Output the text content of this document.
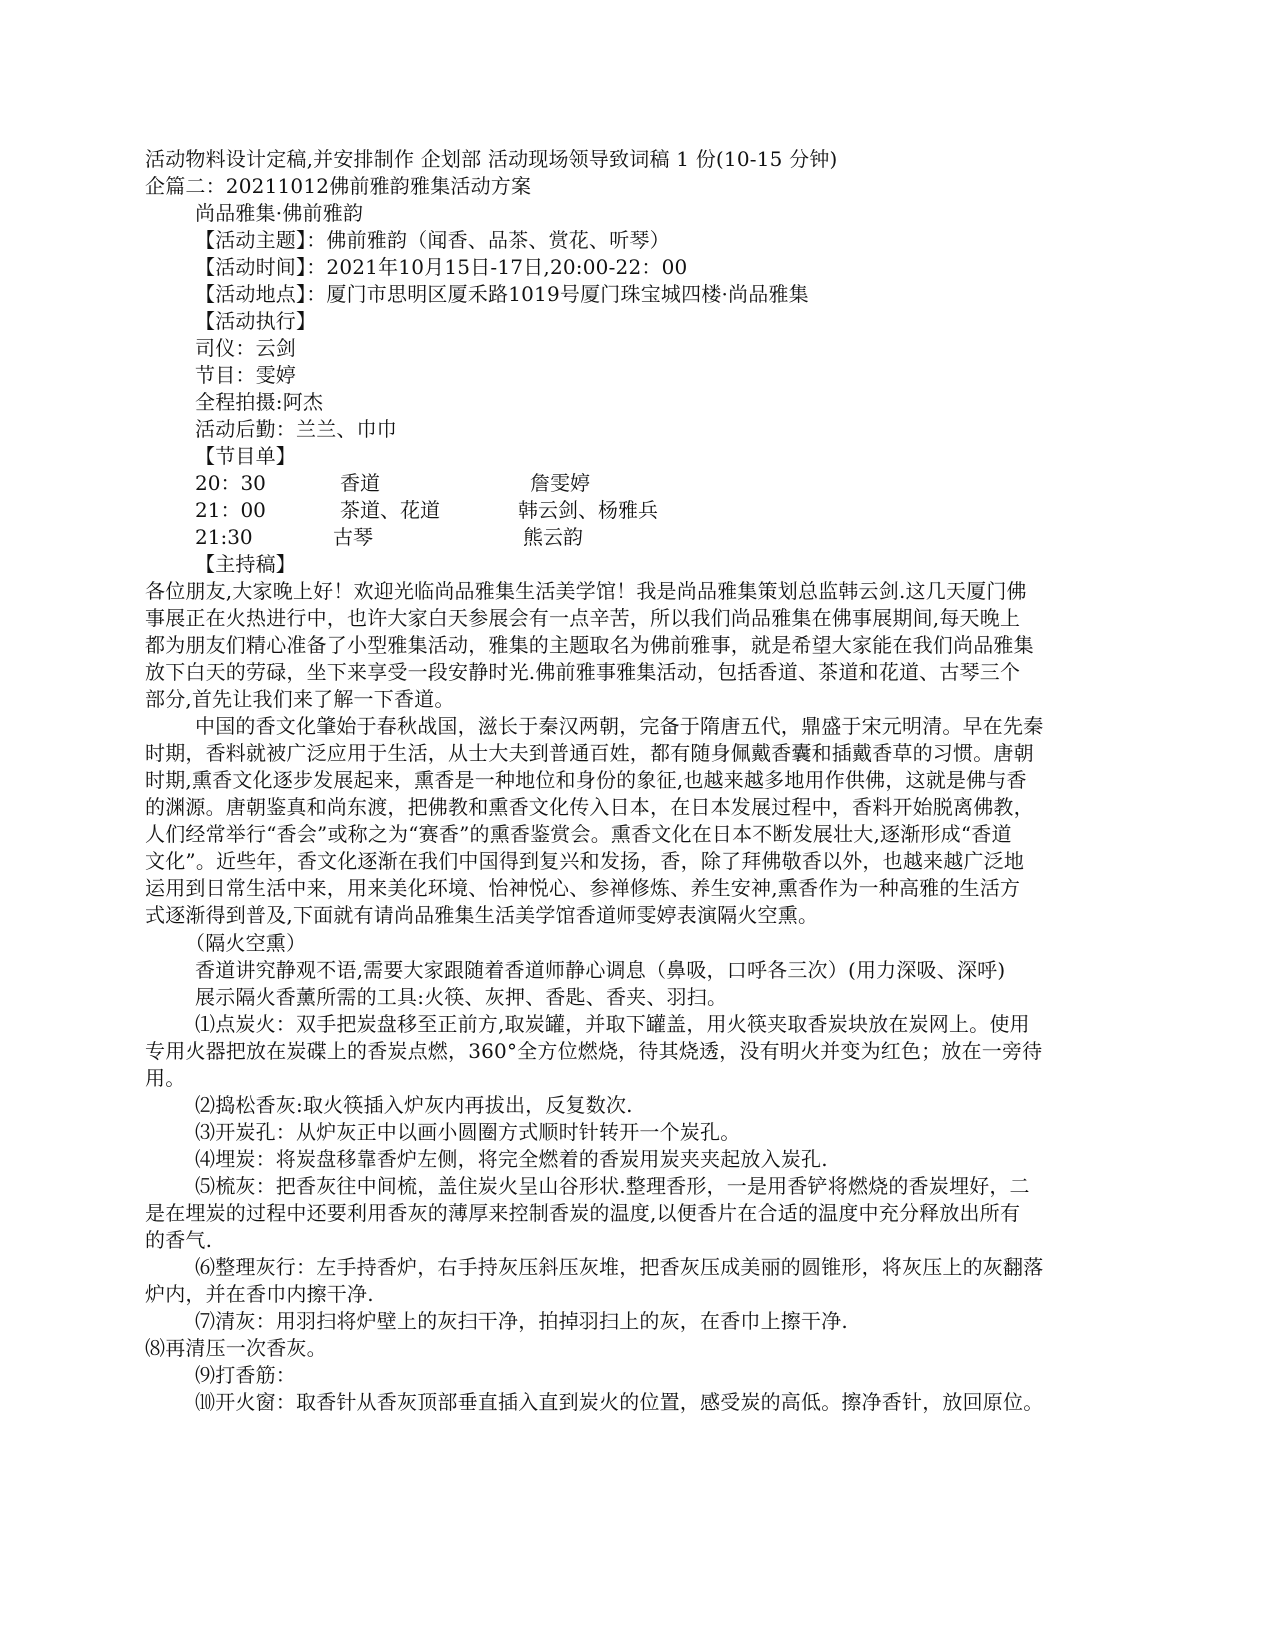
活动物料设计定稿,并安排制作 企划部 活动现场领导致词稿 1 份(10-15 分钟)
企篇二：20211012佛前雅韵雅集活动方案
尚品雅集·佛前雅韵
【活动主题】：佛前雅韵（闻香、品茶、赏花、听琴）
【活动时间】：2021年10月15日-17日,20:00-22：00
【活动地点】：厦门市思明区厦禾路1019号厦门珠宝城四楼·尚品雅集
【活动执行】
司仪：云剑
节目：雯婷
全程拍摄:阿杰
活动后勤：兰兰、巾巾
【节目单】
20：30	香道	詹雯婷
21：00	茶道、花道	韩云剑、杨雅兵
21:30	古琴	熊云韵
【主持稿】
各位朋友,大家晚上好！欢迎光临尚品雅集生活美学馆！我是尚品雅集策划总监韩云剑.这几天厦门佛
事展正在火热进行中，也许大家白天参展会有一点辛苦，所以我们尚品雅集在佛事展期间,每天晚上
都为朋友们精心准备了小型雅集活动，雅集的主题取名为佛前雅事，就是希望大家能在我们尚品雅集
放下白天的劳碌，坐下来享受一段安静时光.佛前雅事雅集活动，包括香道、茶道和花道、古琴三个
部分,首先让我们来了解一下香道。
中国的香文化肇始于春秋战国，滋长于秦汉两朝，完备于隋唐五代，鼎盛于宋元明清。早在先秦
时期，香料就被广泛应用于生活，从士大夫到普通百姓，都有随身佩戴香囊和插戴香草的习惯。唐朝
时期,熏香文化逐步发展起来，熏香是一种地位和身份的象征,也越来越多地用作供佛，这就是佛与香
的渊源。唐朝鉴真和尚东渡，把佛教和熏香文化传入日本，在日本发展过程中，香料开始脱离佛教，
人们经常举行“香会”或称之为“赛香”的熏香鉴赏会。熏香文化在日本不断发展壮大,逐渐形成“香道
文化”。近些年，香文化逐渐在我们中国得到复兴和发扬，香，除了拜佛敬香以外，也越来越广泛地
运用到日常生活中来，用来美化环境、怡神悦心、参禅修炼、养生安神,熏香作为一种高雅的生活方
式逐渐得到普及,下面就有请尚品雅集生活美学馆香道师雯婷表演隔火空熏。
（隔火空熏）
香道讲究静观不语,需要大家跟随着香道师静心调息（鼻吸，口呼各三次）(用力深吸、深呼)
展示隔火香薰所需的工具:火筷、灰押、香匙、香夹、羽扫。
⑴点炭火：双手把炭盘移至正前方,取炭罐，并取下罐盖，用火筷夹取香炭块放在炭网上。使用
专用火器把放在炭碟上的香炭点燃，360°全方位燃烧，待其烧透，没有明火并变为红色；放在一旁待
用。
⑵捣松香灰:取火筷插入炉灰内再拔出，反复数次.
⑶开炭孔：从炉灰正中以画小圆圈方式顺时针转开一个炭孔。
⑷埋炭：将炭盘移靠香炉左侧，将完全燃着的香炭用炭夹夹起放入炭孔.
⑸梳灰：把香灰往中间梳，盖住炭火呈山谷形状.整理香形，一是用香铲将燃烧的香炭埋好，二
是在埋炭的过程中还要利用香灰的薄厚来控制香炭的温度,以便香片在合适的温度中充分释放出所有
的香气.
⑹整理灰行：左手持香炉，右手持灰压斜压灰堆，把香灰压成美丽的圆锥形，将灰压上的灰翻落
炉内，并在香巾内擦干净.
⑺清灰：用羽扫将炉壁上的灰扫干净，拍掉羽扫上的灰，在香巾上擦干净.
⑻再清压一次香灰。
⑼打香筋：
⑽开火窗：取香针从香灰顶部垂直插入直到炭火的位置，感受炭的高低。擦净香针，放回原位。
